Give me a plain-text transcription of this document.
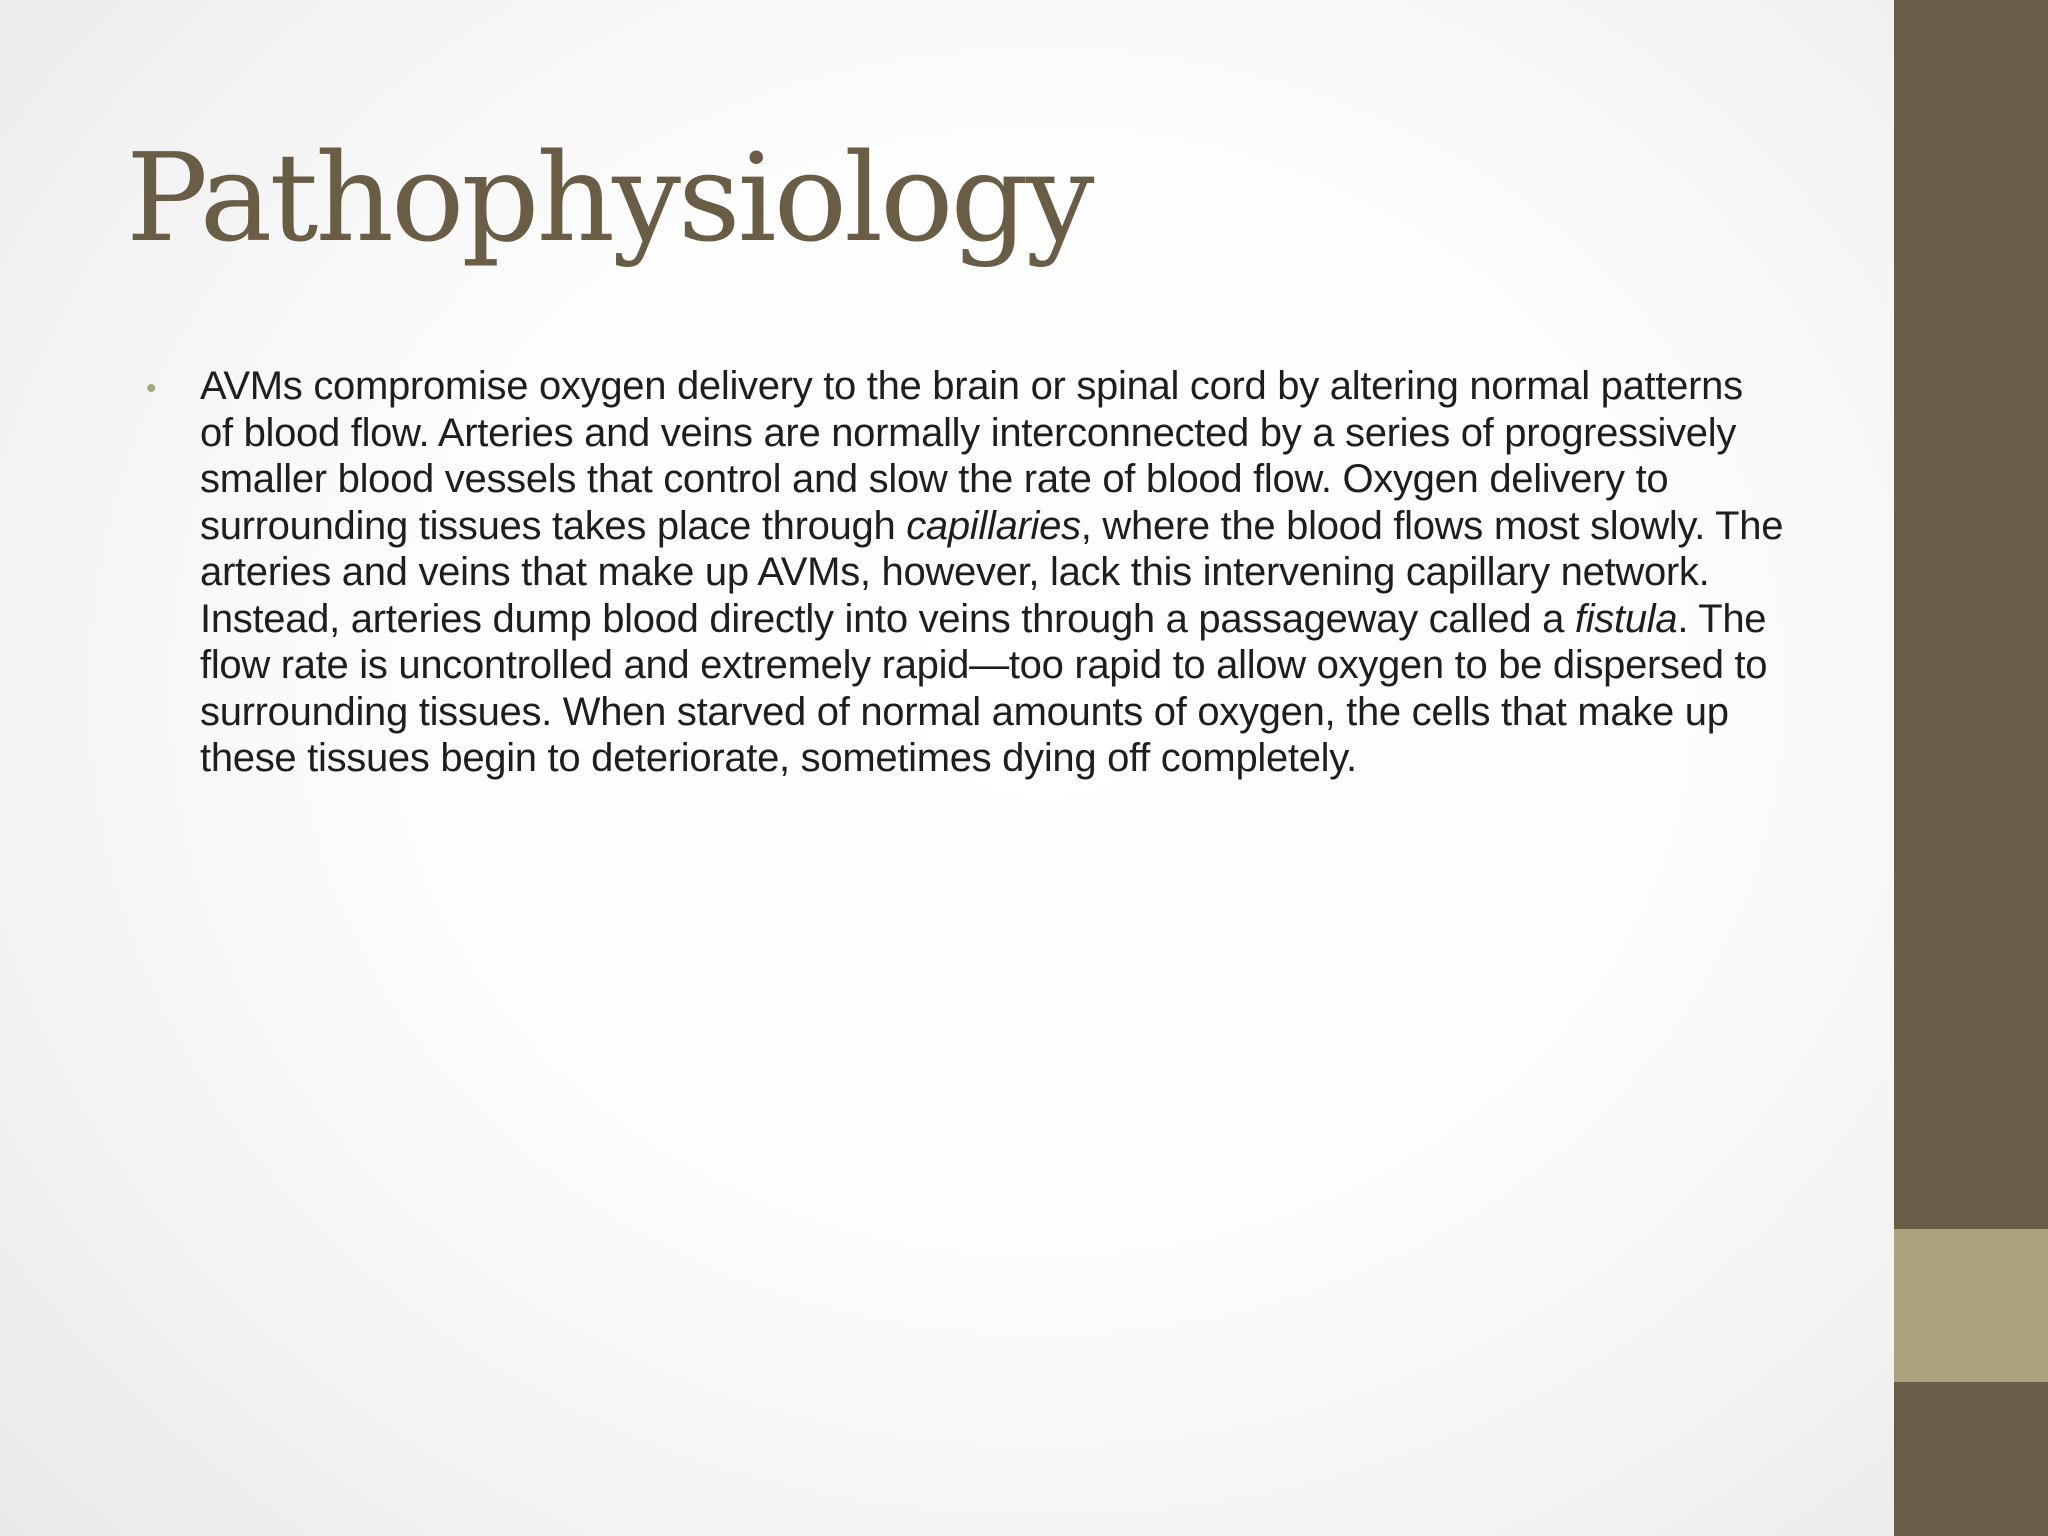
Pathophysiology
• AVMs compromise oxygen delivery to the brain or spinal cord by altering normal patterns of blood flow. Arteries and veins are normally interconnected by a series of progressively smaller blood vessels that control and slow the rate of blood flow. Oxygen delivery to surrounding tissues takes place through capillaries, where the blood flows most slowly. The arteries and veins that make up AVMs, however, lack this intervening capillary network. Instead, arteries dump blood directly into veins through a passageway called a fistula. The flow rate is uncontrolled and extremely rapid—too rapid to allow oxygen to be dispersed to surrounding tissues. When starved of normal amounts of oxygen, the cells that make up these tissues begin to deteriorate, sometimes dying off completely.
